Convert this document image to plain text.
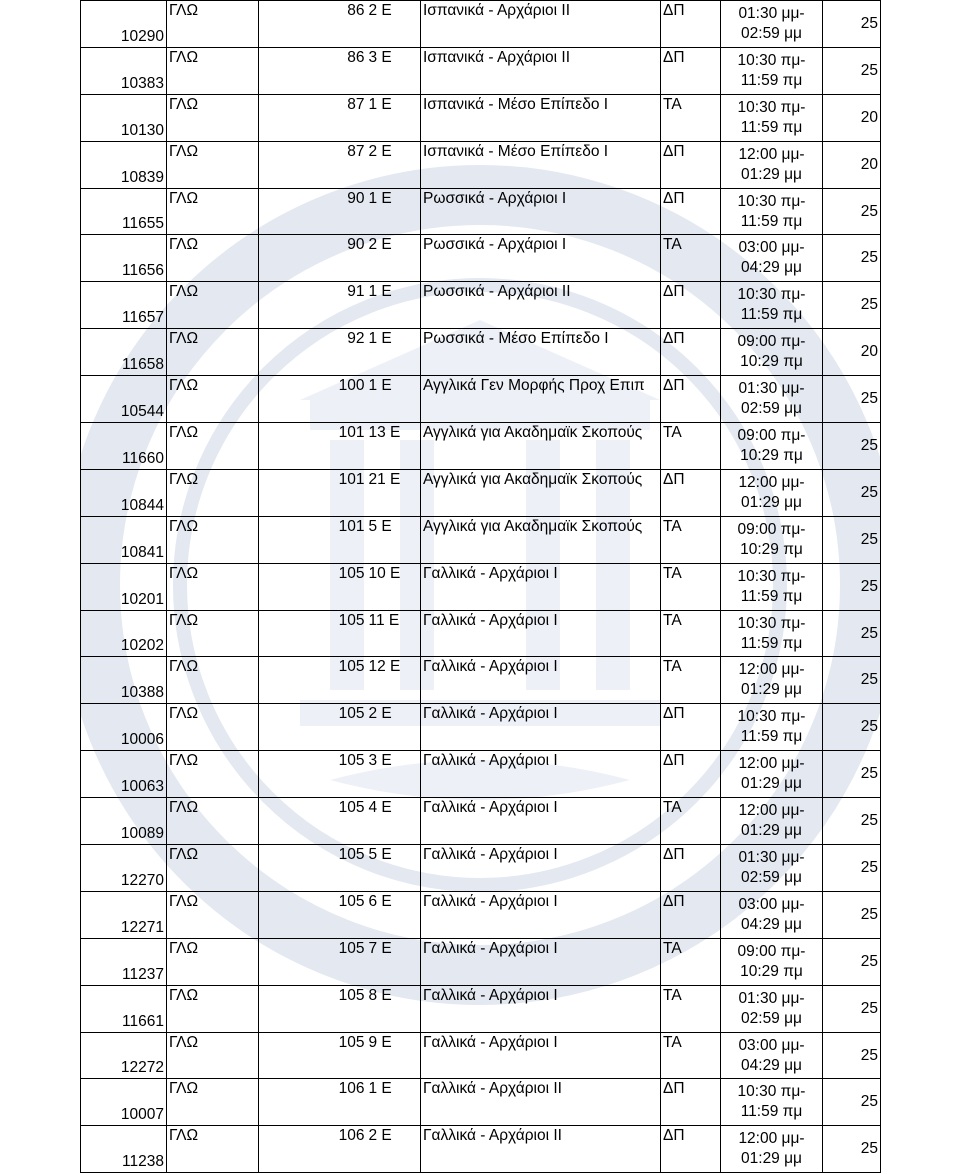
10290	ΓΛΩ	86	2 Ε	Ισπανικά - Αρχάριοι ΙΙ	ΔΠ	01:30 μμ-
02:59 μμ	25
10383	ΓΛΩ	86	3 Ε	Ισπανικά - Αρχάριοι ΙΙ	ΔΠ	10:30 πμ-
11:59 πμ	25
10130	ΓΛΩ	87	1 Ε	Ισπανικά - Μέσο Επίπεδο Ι	ΤΑ	10:30 πμ-
11:59 πμ	20
10839	ΓΛΩ	87	2 Ε	Ισπανικά - Μέσο Επίπεδο Ι	ΔΠ	12:00 μμ-
01:29 μμ	20
11655	ΓΛΩ	90	1 Ε	Ρωσσικά - Αρχάριοι Ι	ΔΠ	10:30 πμ-
11:59 πμ	25
11656	ΓΛΩ	90	2 Ε	Ρωσσικά - Αρχάριοι Ι	ΤΑ	03:00 μμ-
04:29 μμ	25
11657	ΓΛΩ	91	1 Ε	Ρωσσικά - Αρχάριοι ΙΙ	ΔΠ	10:30 πμ-
11:59 πμ	25
11658	ΓΛΩ	92	1 Ε	Ρωσσικά - Μέσο Επίπεδο Ι	ΔΠ	09:00 πμ-
10:29 πμ	20
10544	ΓΛΩ	100	1 Ε	Αγγλικά Γεν Μορφής Προχ Επιπ	ΔΠ	01:30 μμ-
02:59 μμ	25
11660	ΓΛΩ	101	13 Ε	Αγγλικά για Ακαδημαϊκ Σκοπούς	ΤΑ	09:00 πμ-
10:29 πμ	25
10844	ΓΛΩ	101	21 Ε	Αγγλικά για Ακαδημαϊκ Σκοπούς	ΔΠ	12:00 μμ-
01:29 μμ	25
10841	ΓΛΩ	101	5 Ε	Αγγλικά για Ακαδημαϊκ Σκοπούς	ΤΑ	09:00 πμ-
10:29 πμ	25
10201	ΓΛΩ	105	10 Ε	Γαλλικά - Αρχάριοι Ι	ΤΑ	10:30 πμ-
11:59 πμ	25
10202	ΓΛΩ	105	11 Ε	Γαλλικά - Αρχάριοι Ι	ΤΑ	10:30 πμ-
11:59 πμ	25
10388	ΓΛΩ	105	12 Ε	Γαλλικά - Αρχάριοι Ι	ΤΑ	12:00 μμ-
01:29 μμ	25
10006	ΓΛΩ	105	2 Ε	Γαλλικά - Αρχάριοι Ι	ΔΠ	10:30 πμ-
11:59 πμ	25
10063	ΓΛΩ	105	3 Ε	Γαλλικά - Αρχάριοι Ι	ΔΠ	12:00 μμ-
01:29 μμ	25
10089	ΓΛΩ	105	4 Ε	Γαλλικά - Αρχάριοι Ι	ΤΑ	12:00 μμ-
01:29 μμ	25
12270	ΓΛΩ	105	5 Ε	Γαλλικά - Αρχάριοι Ι	ΔΠ	01:30 μμ-
02:59 μμ	25
12271	ΓΛΩ	105	6 Ε	Γαλλικά - Αρχάριοι Ι	ΔΠ	03:00 μμ-
04:29 μμ	25
11237	ΓΛΩ	105	7 Ε	Γαλλικά - Αρχάριοι Ι	ΤΑ	09:00 πμ-
10:29 πμ	25
11661	ΓΛΩ	105	8 Ε	Γαλλικά - Αρχάριοι Ι	ΤΑ	01:30 μμ-
02:59 μμ	25
12272	ΓΛΩ	105	9 Ε	Γαλλικά - Αρχάριοι Ι	ΤΑ	03:00 μμ-
04:29 μμ	25
10007	ΓΛΩ	106	1 Ε	Γαλλικά - Αρχάριοι ΙΙ	ΔΠ	10:30 πμ-
11:59 πμ	25
11238	ΓΛΩ	106	2 Ε	Γαλλικά - Αρχάριοι ΙΙ	ΔΠ	12:00 μμ-
01:29 μμ	25
